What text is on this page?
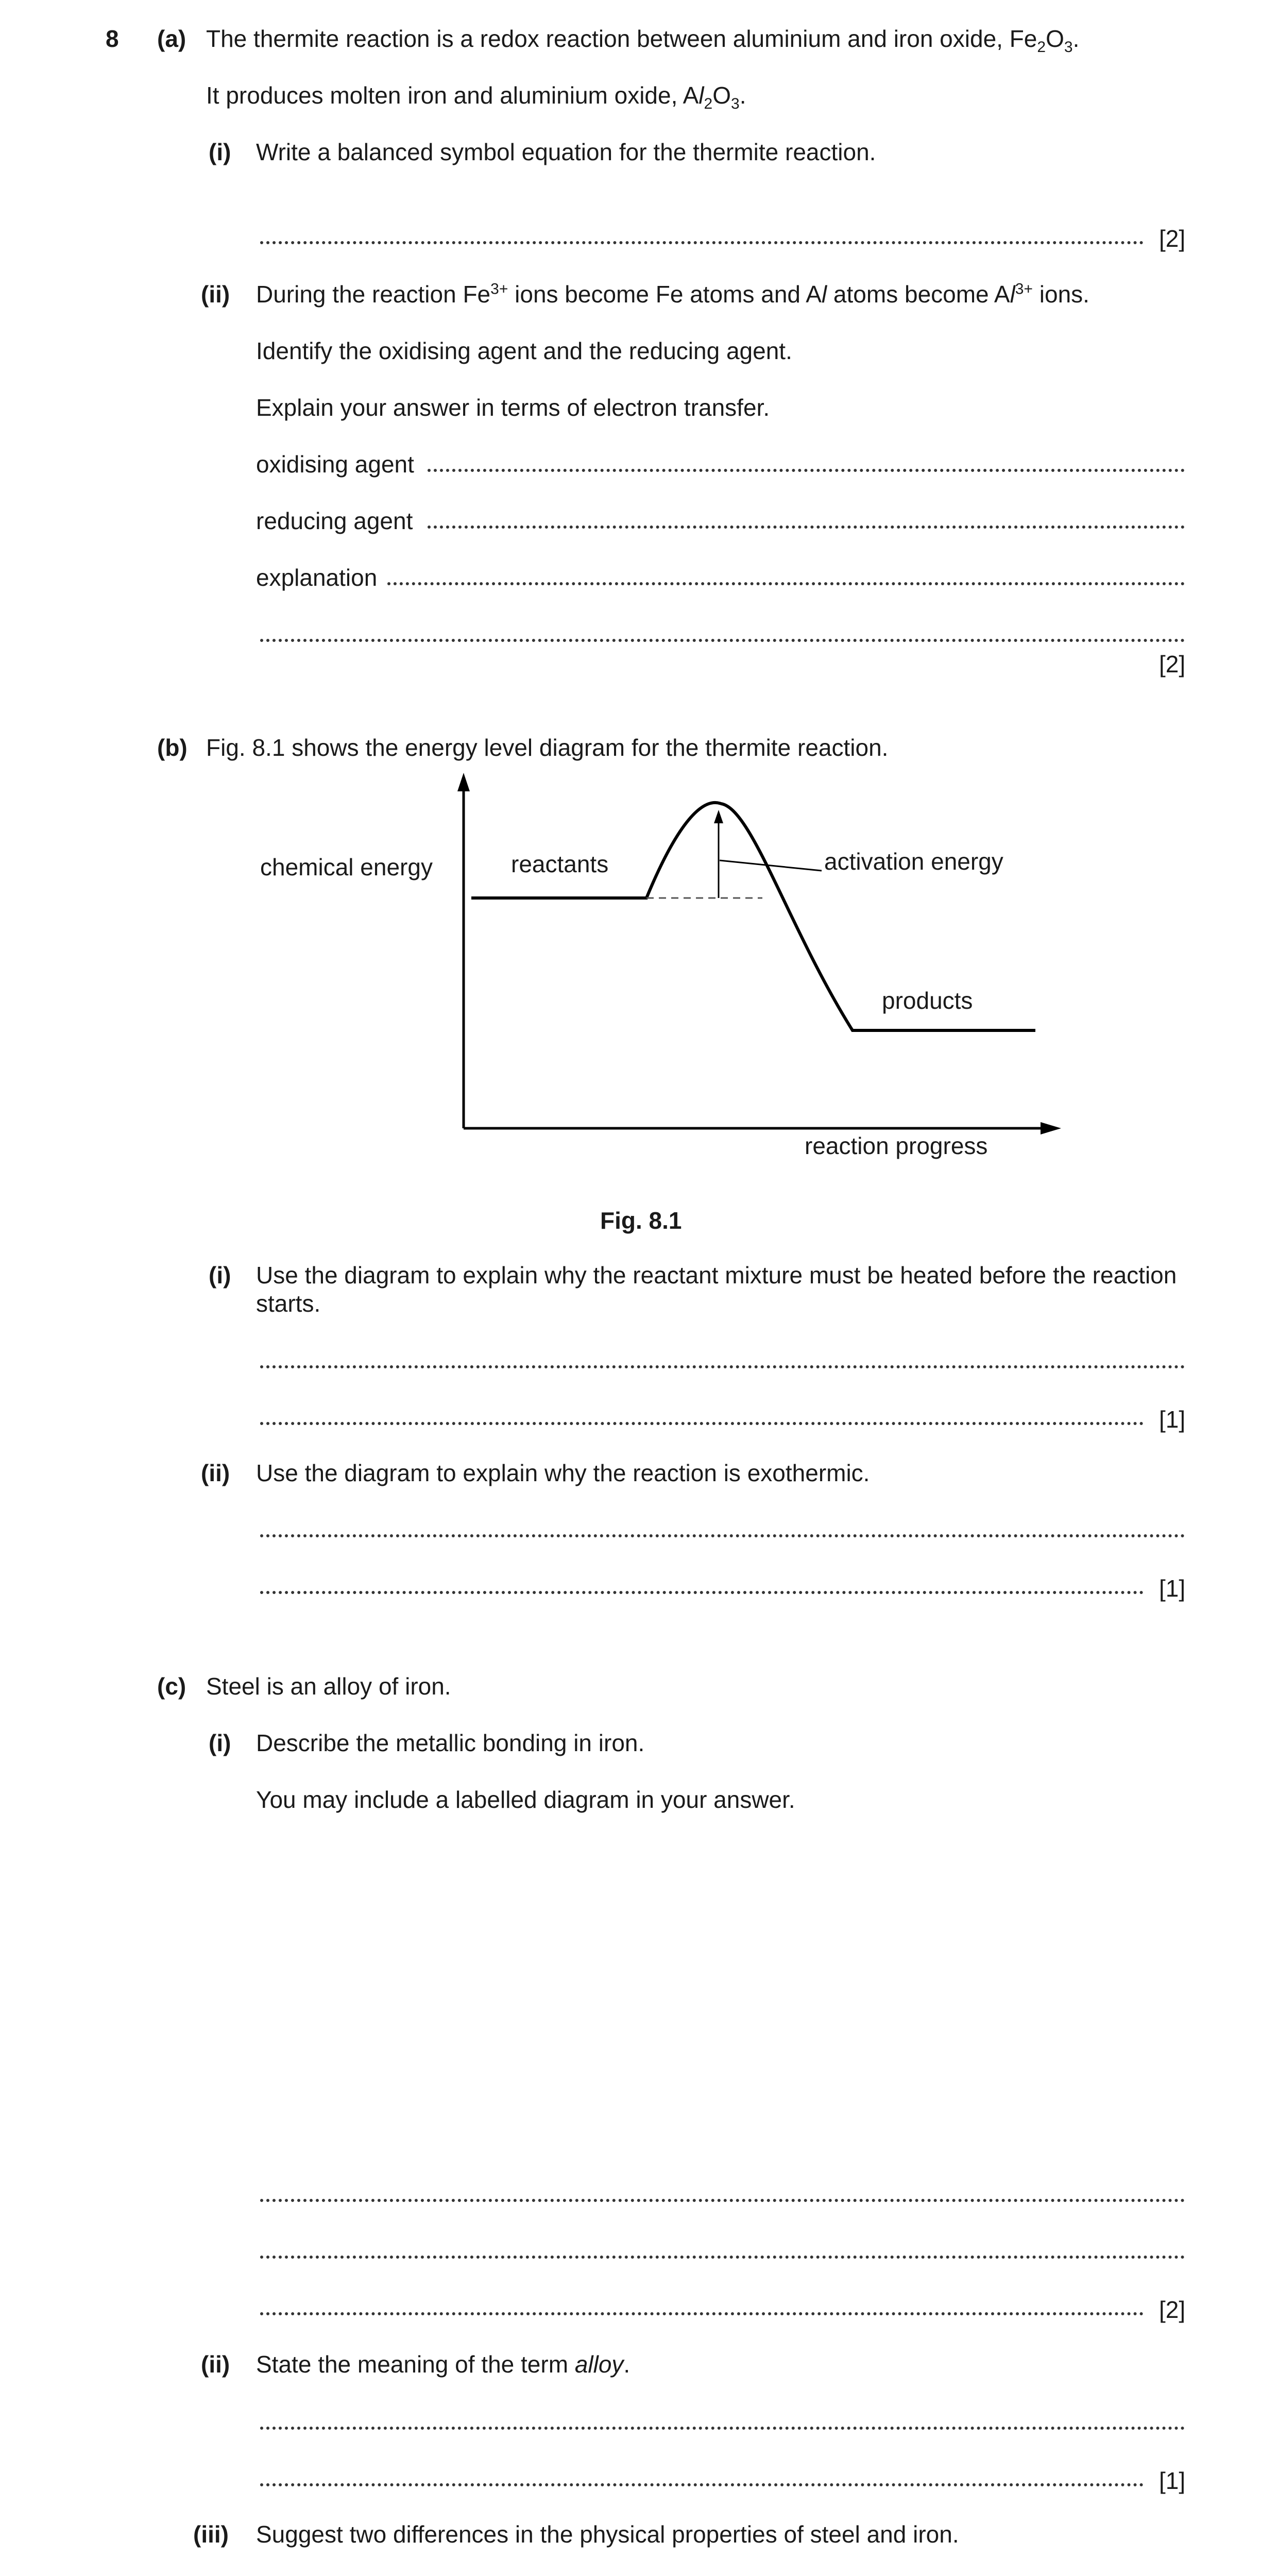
8 (a) The thermite reaction is a redox reaction between aluminium and iron oxide, $Fe_2O_3$.
It produces molten iron and aluminium oxide, $Al_2O_3$.
(i) Write a balanced symbol equation for the thermite reaction.
[2]
(ii) During the reaction $Fe^{3+}$ ions become Fe atoms and Al atoms become $Al^{3+}$ ions.
Identify the oxidising agent and the reducing agent.
Explain your answer in terms of electron transfer.
oxidising agent
reducing agent
explanation
[2]
(b) Fig. 8.1 shows the energy level diagram for the thermite reaction.
chemical energy	reactants	activation energy
products
reaction progress
Fig. 8.1
(i) Use the diagram to explain why the reactant mixture must be heated before the reaction starts.
[1]
(ii) Use the diagram to explain why the reaction is exothermic.
[1]
(c) Steel is an alloy of iron.
(i) Describe the metallic bonding in iron.
You may include a labelled diagram in your answer.
[2]
(ii) State the meaning of the term alloy.
[1]
(iii) Suggest two differences in the physical properties of steel and iron.
